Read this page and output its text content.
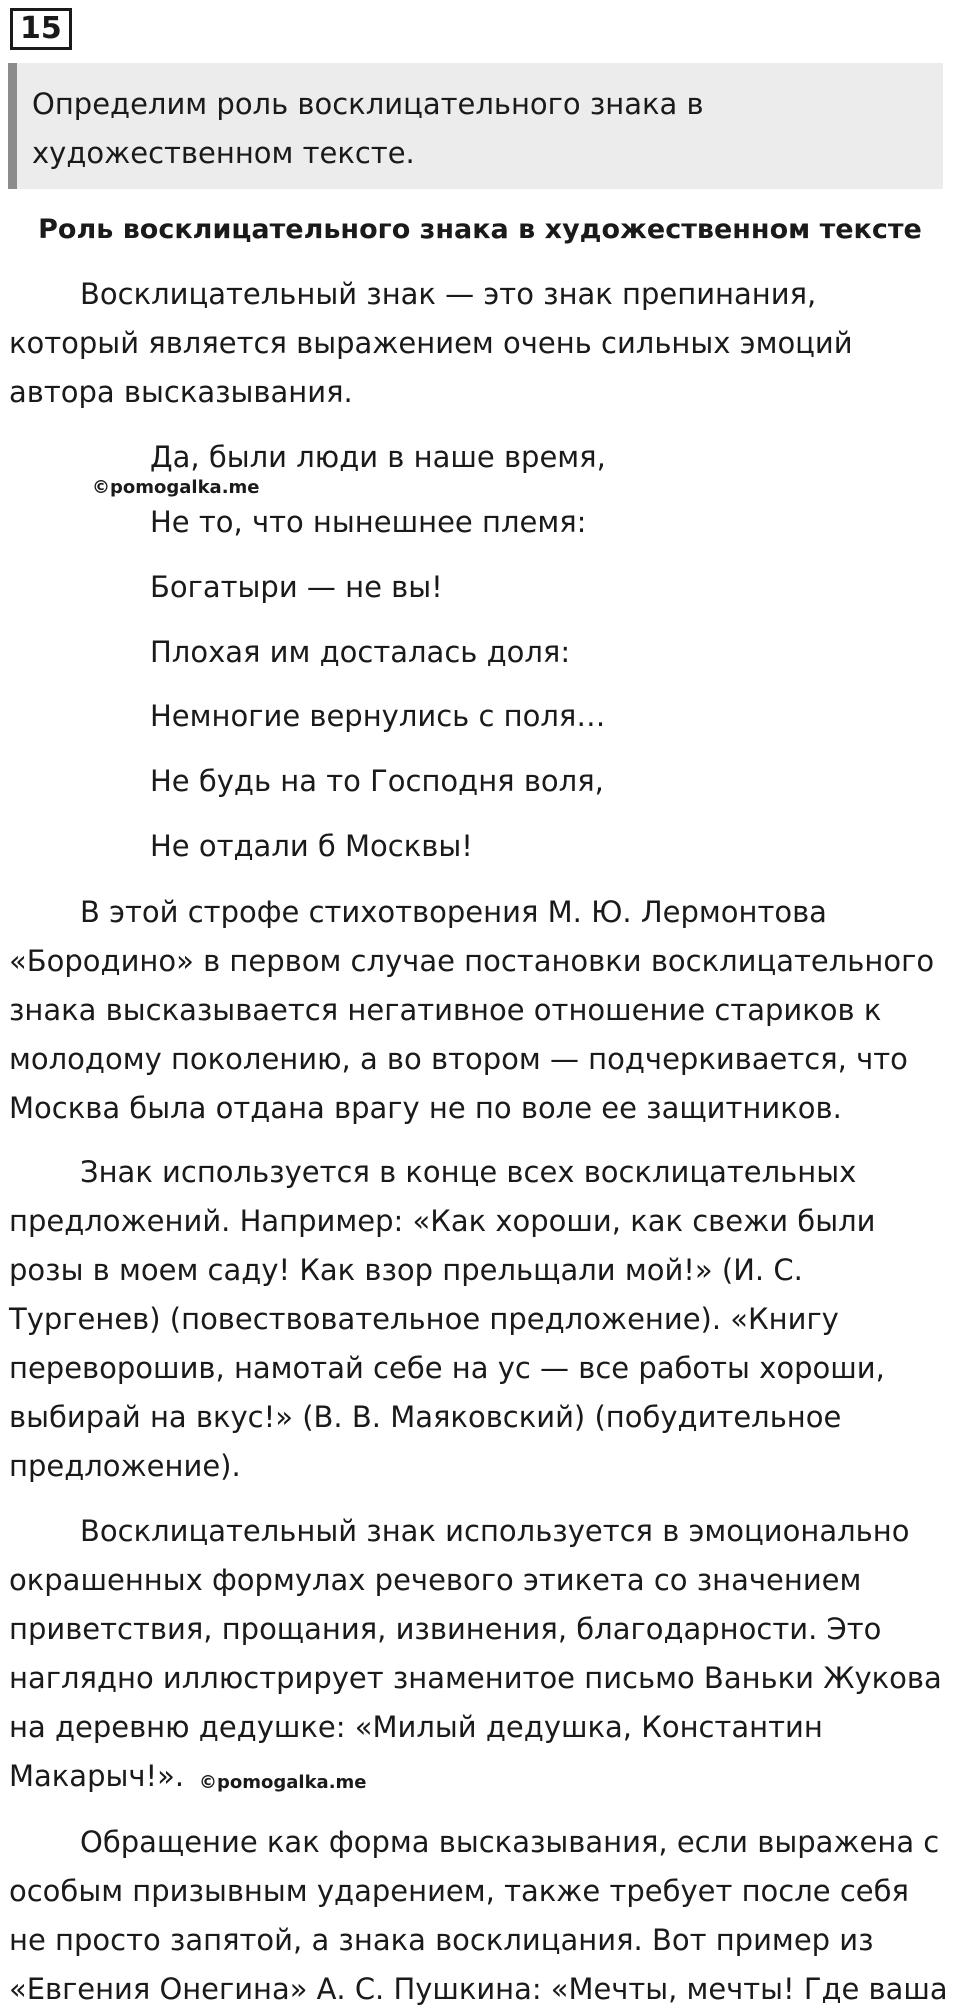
15
Определим роль восклицательного знака в
художественном тексте.
Роль восклицательного знака в художественном тексте

Восклицательный знак — это знак препинания,
который является выражением очень сильных эмоций
автора высказывания.

Да, были люди в наше время,
©pomogalka.me
Не то, что нынешнее племя:
Богатыри — не вы!
Плохая им досталась доля:
Немногие вернулись с поля…
Не будь на то Господня воля,
Не отдали б Москвы!

В этой строфе стихотворения М. Ю. Лермонтова
«Бородино» в первом случае постановки восклицательного
знака высказывается негативное отношение стариков к
молодому поколению, а во втором — подчеркивается, что
Москва была отдана врагу не по воле ее защитников.

Знак используется в конце всех восклицательных
предложений. Например: «Как хороши, как свежи были
розы в моем саду! Как взор прельщали мой!» (И. С.
Тургенев) (повествовательное предложение). «Книгу
переворошив, намотай себе на ус — все работы хороши,
выбирай на вкус!» (В. В. Маяковский) (побудительное
предложение).

Восклицательный знак используется в эмоционально
окрашенных формулах речевого этикета со значением
приветствия, прощания, извинения, благодарности. Это
наглядно иллюстрирует знаменитое письмо Ваньки Жукова
на деревню дедушке: «Милый дедушка, Константин
Макарыч!». ©pomogalka.me

Обращение как форма высказывания, если выражена с
особым призывным ударением, также требует после себя
не просто запятой, а знака восклицания. Вот пример из
«Евгения Онегина» А. С. Пушкина: «Мечты, мечты! Где ваша
